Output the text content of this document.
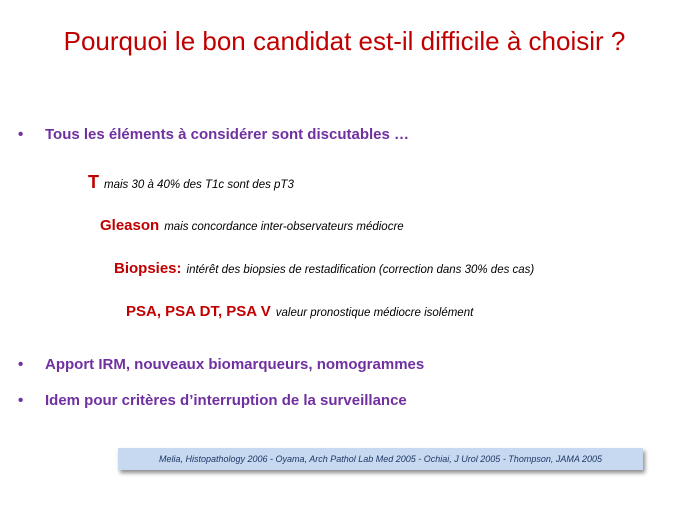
Pourquoi le bon candidat est-il difficile à choisir ?
• Tous les éléments à considérer sont discutables …
Tmais 30 à 40% des T1c sont des pT3
Gleason mais concordance inter-observateurs médiocre
Biopsies: intérêt des biopsies de restadification (correction dans 30% des cas)
PSA, PSA DT, PSA V valeur pronostique médiocre isolément
• Apport IRM, nouveaux biomarqueurs, nomogrammes
• Idem pour critères d’interruption de la surveillance
Melia, Histopathology 2006 - Oyama, Arch Pathol Lab Med 2005 - Ochiai, J Urol 2005 - Thompson, JAMA 2005
